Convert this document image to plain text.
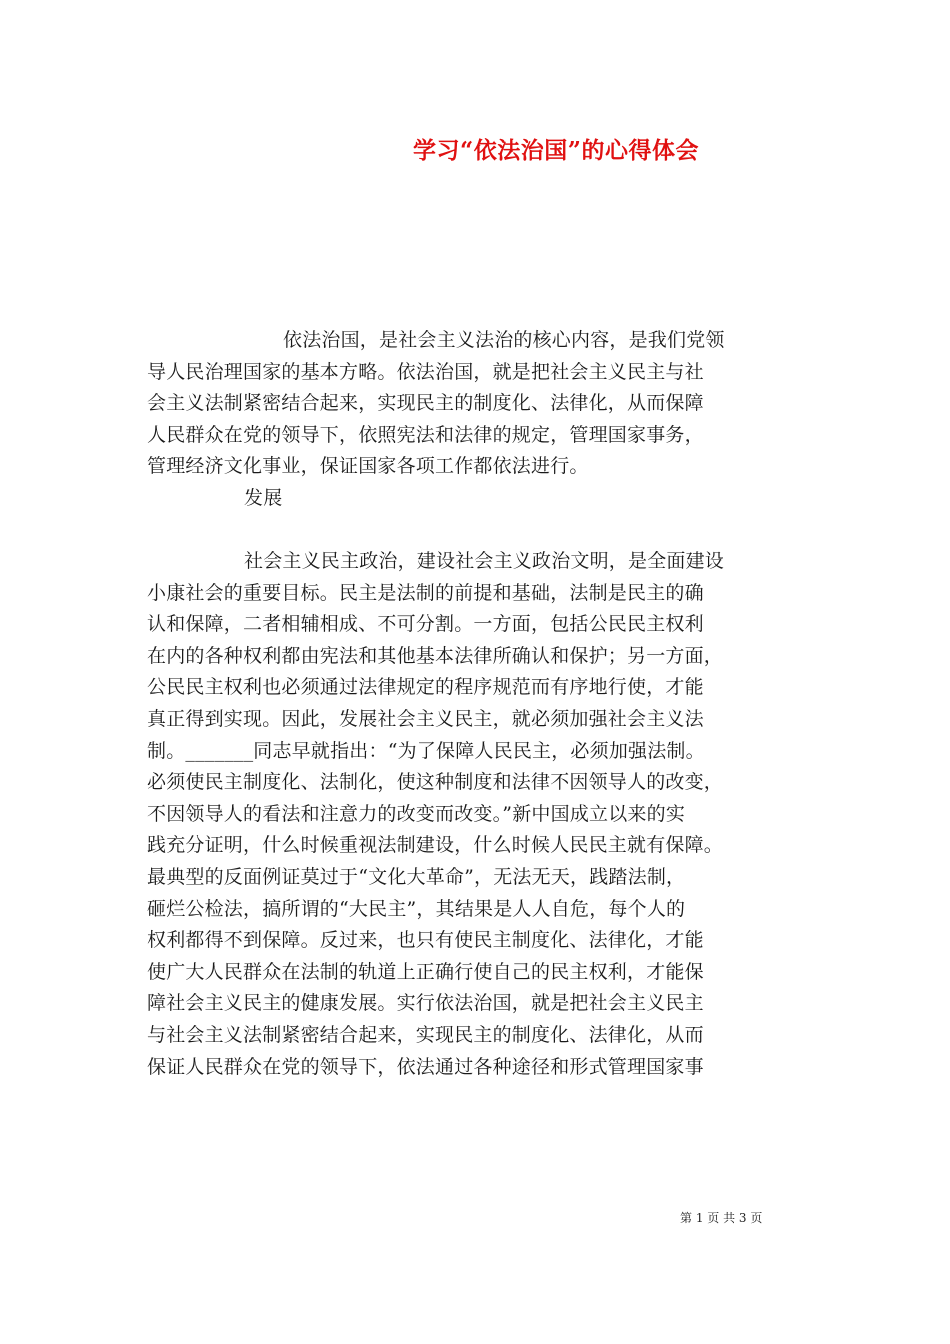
学习“依法治国”的心得体会
依法治国，是社会主义法治的核心内容，是我们党领
导人民治理国家的基本方略。依法治国，就是把社会主义民主与社
会主义法制紧密结合起来，实现民主的制度化、法律化，从而保障
人民群众在党的领导下，依照宪法和法律的规定，管理国家事务，
管理经济文化事业，保证国家各项工作都依法进行。
发展
社会主义民主政治，建设社会主义政治文明，是全面建设
小康社会的重要目标。民主是法制的前提和基础，法制是民主的确
认和保障，二者相辅相成、不可分割。一方面，包括公民民主权利
在内的各种权利都由宪法和其他基本法律所确认和保护；另一方面，
公民民主权利也必须通过法律规定的程序规范而有序地行使，才能
真正得到实现。因此，发展社会主义民主，就必须加强社会主义法
制。_______同志早就指出：“为了保障人民民主，必须加强法制。
必须使民主制度化、法制化，使这种制度和法律不因领导人的改变，
不因领导人的看法和注意力的改变而改变。”新中国成立以来的实
践充分证明，什么时候重视法制建设，什么时候人民民主就有保障。
最典型的反面例证莫过于“文化大革命”，无法无天，践踏法制，
砸烂公检法，搞所谓的“大民主”，其结果是人人自危，每个人的
权利都得不到保障。反过来，也只有使民主制度化、法律化，才能
使广大人民群众在法制的轨道上正确行使自己的民主权利，才能保
障社会主义民主的健康发展。实行依法治国，就是把社会主义民主
与社会主义法制紧密结合起来，实现民主的制度化、法律化，从而
保证人民群众在党的领导下，依法通过各种途径和形式管理国家事
第 1 页 共 3 页
